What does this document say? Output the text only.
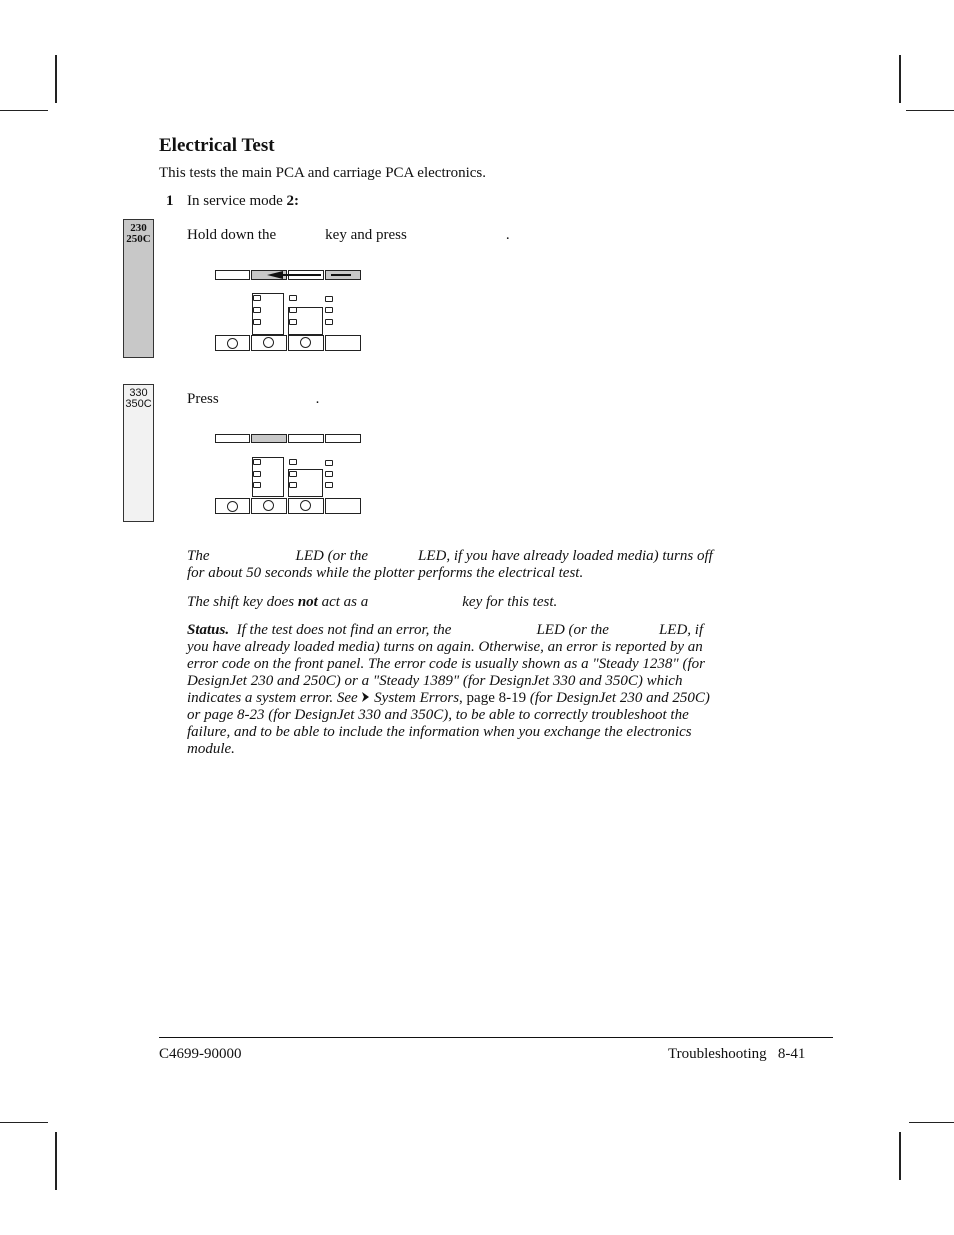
Electrical Test
This tests the main PCA and carriage PCA electronics.
1 In service mode 2:
230
250C Hold down the	key and press	.
330
350C Press	.
The	LED (or the	LED, if you have already loaded media) turns off
for about 50 seconds while the plotter performs the electrical test.
The shift key does not act as a	key for this test.
Status. If the test does not find an error, the	LED (or the	LED, if
you have already loaded media) turns on again. Otherwise, an error is reported by an
error code on the front panel. The error code is usually shown as a "Steady 1238" (for
DesignJet 230 and 250C) or a "Steady 1389" (for DesignJet 330 and 350C) which
indicates a system error. See System Errors, page 8-19 (for DesignJet 230 and 250C)
or page 8-23 (for DesignJet 330 and 350C), to be able to correctly troubleshoot the
failure, and to be able to include the information when you exchange the electronics
module.
C4699-90000	Troubleshooting 8-41
